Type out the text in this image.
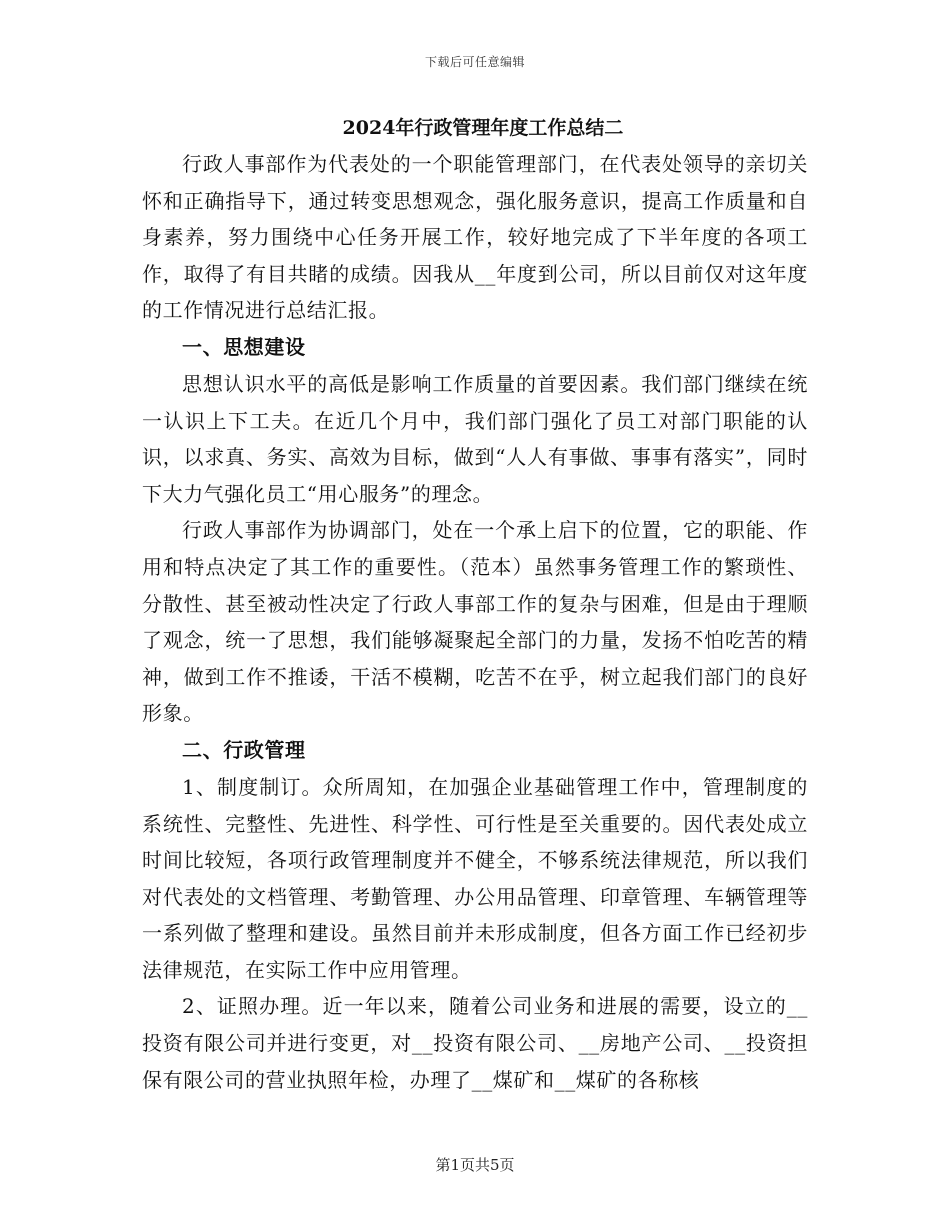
下载后可任意编辑
2024年行政管理年度工作总结二

行政人事部作为代表处的一个职能管理部门，在代表处领导的亲切关怀和正确指导下，通过转变思想观念，强化服务意识，提高工作质量和自身素养，努力围绕中心任务开展工作，较好地完成了下半年度的各项工作，取得了有目共睹的成绩。因我从__年度到公司，所以目前仅对这年度的工作情况进行总结汇报。

一、思想建设

思想认识水平的高低是影响工作质量的首要因素。我们部门继续在统一认识上下工夫。在近几个月中，我们部门强化了员工对部门职能的认识，以求真、务实、高效为目标，做到“人人有事做、事事有落实”，同时下大力气强化员工“用心服务”的理念。

行政人事部作为协调部门，处在一个承上启下的位置，它的职能、作用和特点决定了其工作的重要性。（范本）虽然事务管理工作的繁琐性、分散性、甚至被动性决定了行政人事部工作的复杂与困难，但是由于理顺了观念，统一了思想，我们能够凝聚起全部门的力量，发扬不怕吃苦的精神，做到工作不推诿，干活不模糊，吃苦不在乎，树立起我们部门的良好形象。

二、行政管理

1、制度制订。众所周知，在加强企业基础管理工作中，管理制度的系统性、完整性、先进性、科学性、可行性是至关重要的。因代表处成立时间比较短，各项行政管理制度并不健全，不够系统法律规范，所以我们对代表处的文档管理、考勤管理、办公用品管理、印章管理、车辆管理等一系列做了整理和建设。虽然目前并未形成制度，但各方面工作已经初步法律规范，在实际工作中应用管理。

2、证照办理。近一年以来，随着公司业务和进展的需要，设立的__投资有限公司并进行变更，对__投资有限公司、__房地产公司、__投资担保有限公司的营业执照年检，办理了__煤矿和__煤矿的各称核

第1页共5页
